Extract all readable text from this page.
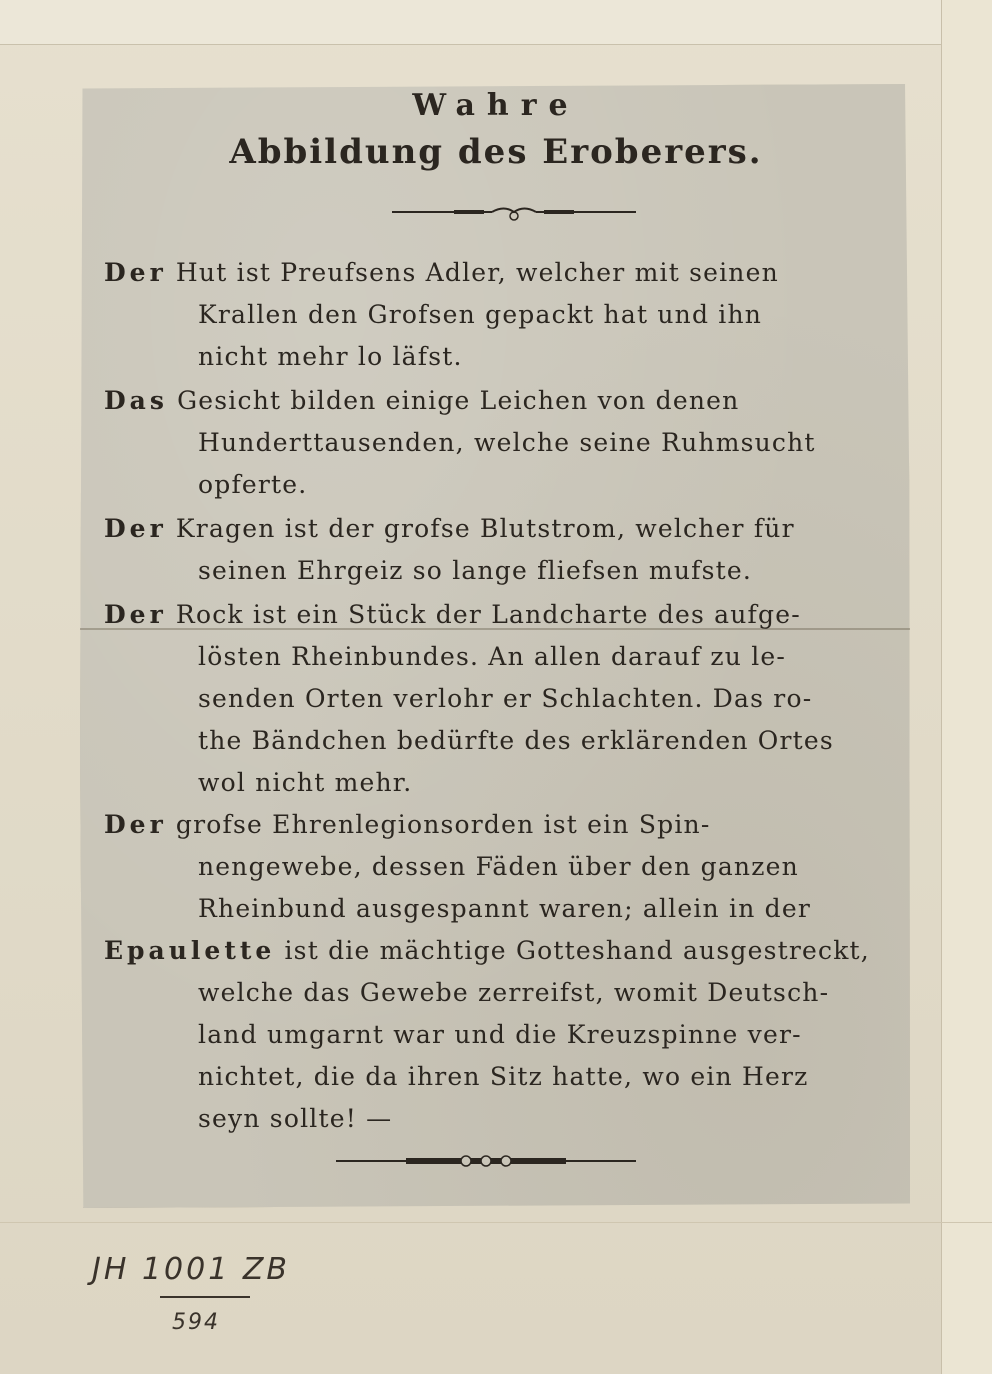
Wahre
Abbildung des Eroberers.
Der Hut ist Preufsens Adler, welcher mit seinen
Krallen den Grofsen gepackt hat und ihn
nicht mehr lo läfst.
Das Gesicht bilden einige Leichen von denen
Hunderttausenden, welche seine Ruhmsucht
opferte.
Der Kragen ist der grofse Blutstrom, welcher für
seinen Ehrgeiz so lange fliefsen mufste.
Der Rock ist ein Stück der Landcharte des aufge-
lösten Rheinbundes. An allen darauf zu le-
senden Orten verlohr er Schlachten. Das ro-
the Bändchen bedürfte des erklärenden Ortes
wol nicht mehr.
Der grofse Ehrenlegionsorden ist ein Spin-
nengewebe, dessen Fäden über den ganzen
Rheinbund ausgespannt waren; allein in der
Epaulette ist die mächtige Gotteshand ausgestreckt,
welche das Gewebe zerreifst, womit Deutsch-
land umgarnt war und die Kreuzspinne ver-
nichtet, die da ihren Sitz hatte, wo ein Herz
seyn sollte! —
JH 1001 ZB
594
